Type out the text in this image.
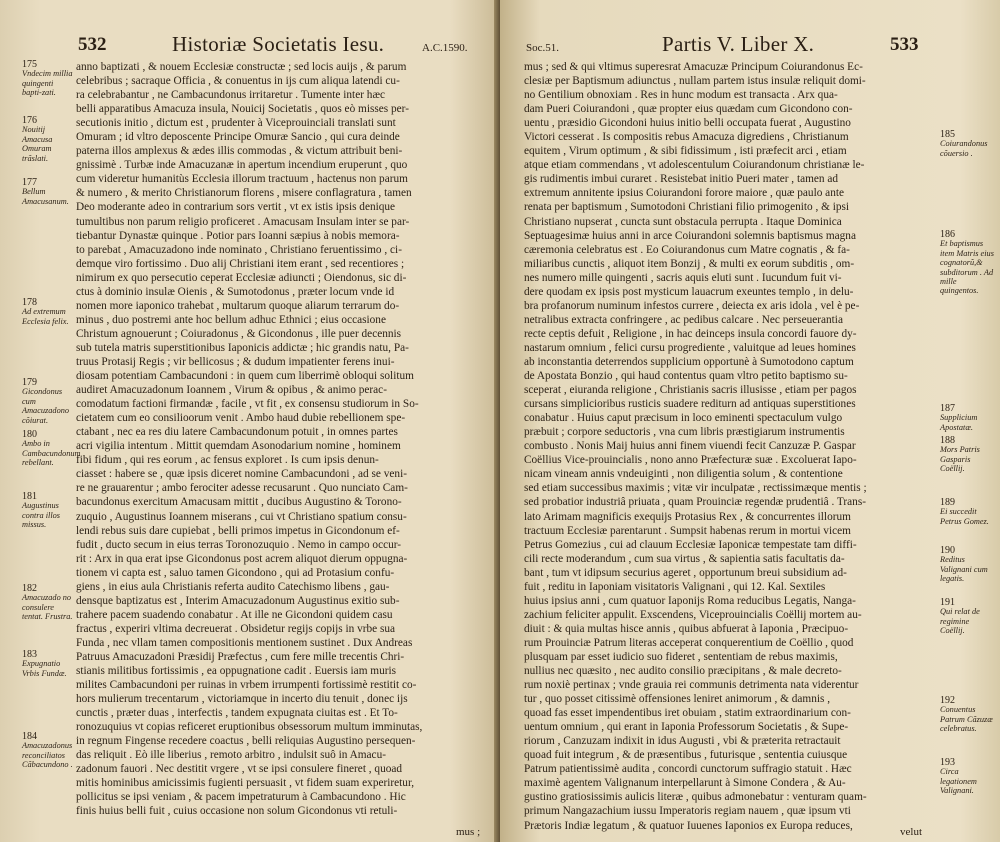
532	Historiæ Societatis Iesu.	A.C.1590.
175
Vndecim millia quingenti bapti-zati.
176
Nouitij Amacusa Omuram trãslati.
177
Bellum Amacusanum.
178
Ad extremum Ecclesia felix.
179
Gicondonus cum Amacuzadono cõiurat.
180
Ambo in Cambacundonum rebellant.
181
Augustinus contra illos missus.
182
Amacuzado no consulere tentat. Frustra.
183
Expugnatio Vrbis Fundæ.
184
Amacuzadonus reconciliatos Cãbacundono .
anno baptizati , & nouem Ecclesiæ constructæ ; sed locis auijs , & parum
celebribus ; sacraque Officia , & conuentus in ijs cum aliqua latendi cu-
ra celebrabantur , ne Cambacundonus irritaretur . Tumente inter hæc
belli apparatibus Amacuza insula, Nouicij Societatis , quos eò misses per-
secutionis initio , dictum est , prudenter à Viceprouinciali translati sunt
Omuram ; id vltro deposcente Principe Omuræ Sancio , qui cura deinde
paterna illos amplexus & ædes illis commodas , & victum attribuit beni-
gnissimè . Turbæ inde Amacuzanæ in apertum incendium eruperunt , quo
cum videretur humanitùs Ecclesia illorum tractuum , hactenus non parum
& numero , & merito Christianorum florens , misere conflagratura , tamen
Deo moderante adeo in contrarium sors vertit , vt ex istis ipsis denique
tumultibus non parum religio proficeret . Amacusam Insulam inter se par-
tiebantur Dynastæ quinque . Potior pars Ioanni sæpius à nobis memora-
to parebat , Amacuzadono inde nominato , Christiano feruentissimo , ci-
demque viro fortissimo . Duo alij Christiani item erant , sed recentiores ;
nimirum ex quo persecutio ceperat Ecclesiæ adiuncti ; Oiendonus, sic di-
ctus à dominio insulæ Oienis , & Sumotodonus , præter locum vnde id
nomen more iaponico trahebat , multarum quoque aliarum terrarum do-
minus , duo postremi ante hoc bellum adhuc Ethnici ; eius occasione
Christum agnouerunt ; Coiuradonus , & Gicondonus , ille puer decennis
sub tutela matris superstitionibus Iaponicis addictæ ; hic grandis natu, Pa-
truus Protasij Regis ; vir bellicosus ; & dudum impatienter ferens inui-
diosam potentiam Cambacundoni : in quem cum liberrimè obloqui solitum
audiret Amacuzadonum Ioannem , Virum & opibus , & animo perac-
comodatum factioni firmandæ , facile , vt fit , ex consensu studiorum in So-
cietatem cum eo consilioorum venit . Ambo haud dubie rebellionem spe-
ctabant , nec ea res diu latere Cambacundonum potuit , in omnes partes
acri vigilia intentum . Mittit quemdam Asonodarium nomine , hominem
fibi fidum , qui res eorum , ac fensus exploret . Is cum ipsis denun-
ciasset : habere se , quæ ipsis diceret nomine Cambacundoni , ad se veni-
re ne grauarentur ; ambo ferociter adesse recusarunt . Quo nunciato Cam-
bacundonus exercitum Amacusam mittit , ducibus Augustino & Torono-
zuquio , Augustinus Ioannem miserans , cui vt Christiano spatium consu-
lendi rebus suis dare cupiebat , belli primos impetus in Gicondonum ef-
fudit , ducto secum in eius terras Toronozuquio . Nemo in campo occur-
rit : Arx in qua erat ipse Gicondonus post acrem aliquot dierum oppugna-
tionem vi capta est , saluo tamen Gicondono , qui ad Protasium confu-
giens , in eius aula Christianis referta audito Catechismo libens , gau-
densque baptizatus est , Interim Amacuzadonum Augustinus exitio sub-
trahere pacem suadendo conabatur . At ille ne Gicondoni quidem casu
fractus , experiri vltima decreuerat . Obsidetur regijs copijs in vrbe sua
Funda , nec vllam tamen compositionis mentionem sustinet . Dux Andreas
Patruus Amacuzadoni Præsidij Præfectus , cum fere mille trecentis Chri-
stianis militibus fortissimis , ea oppugnatione cadit . Euersis iam muris
milites Cambacundoni per ruinas in vrbem irrumpenti fortissimè restitit co-
hors mulierum trecentarum , victoriamque in incerto diu tenuit , donec ijs
cunctis , præter duas , interfectis , tandem expugnata ciuitas est . Et To-
ronozuquius vt copias reficeret eruptionibus obsessorum multum imminutas,
in regnum Fingense recedere coactus , belli reliquias Augustino persequen-
das reliquit . Eò ille liberius , remoto arbitro , indulsit suô in Amacu-
zadonum fauori . Nec destitit vrgere , vt se ipsi consulere fineret , quoad
mitis hominibus amicissimis fugienti persuasit , vt fidem suam experiretur,
pollicitus se ipsi veniam , & pacem impetraturum à Cambacundono . Hic
finis huius belli fuit , cuius occasione non solum Gicondonus vti retuli-
mus ;
Soc.51.	Partis V. Liber X.	533
mus ; sed & qui vltimus superesrat Amacuzæ Principum Coiurandonus Ec-
clesiæ per Baptismum adiunctus , nullam partem istus insulæ reliquit domi-
no Gentilium obnoxiam . Res in hunc modum est transacta . Arx qua-
dam Pueri Coiurandoni , quæ propter eius quædam cum Gicondono con-
uentu , præsidio Gicondoni huius initio belli occupata fuerat , Augustino
Victori cesserat . Is compositis rebus Amacuza digrediens , Christianum
equitem , Virum optimum , & sibi fidissimum , isti præfecit arci , etiam
atque etiam commendans , vt adolescentulum Coiurandonum christianæ le-
gis rudimentis imbui curaret . Resistebat initio Pueri mater , tamen ad
extremum annitente ipsius Coiurandoni forore maiore , quæ paulo ante
renata per baptismum , Sumotodoni Christiani filio primogenito , & ipsi
Christiano nupserat , cuncta sunt obstacula perrupta . Itaque Dominica
Septuagesimæ huius anni in arce Coiurandoni solemnis baptismus magna
cæremonia celebratus est . Eo Coiurandonus cum Matre cognatis , & fa-
miliaribus cunctis , aliquot item Bonzij , & multi ex eorum subditis , om-
nes numero mille quingenti , sacris aquis eluti sunt . Iucundum fuit vi-
dere quodam ex ipsis post mysticum lauacrum exeuntes templo , in delu-
bra profanorum numinum infestos currere , deiecta ex aris idola , vel è pe-
netralibus extracta confringere , ac pedibus calcare . Nec perseuerantia
recte ceptis defuit , Religione , in hac deinceps insula concordi fauore dy-
nastarum omnium , felici cursu progrediente , valuitque ad leues homines
ab inconstantia deterrendos supplicium opportunè à Sumotodono captum
de Apostata Bonzio , qui haud contentus quam vltro petito baptismo su-
sceperat , eiuranda religione , Christianis sacris illusisse , etiam per pagos
cursans simplicioribus rusticis suadere rediturn ad antiquas superstitiones
conabatur . Huius caput præcisum in loco eminenti spectaculum vulgo
præbuit ; corpore seductoris , vna cum libris præstigiarum instrumentis
combusto . Nonis Maij huius anni finem viuendi fecit Canzuzæ P. Gaspar
Coëllius Vice-prouincialis , nono anno Præfecturæ suæ . Excoluerat Iapo-
nicam vineam annis vndeuiginti , non diligentia solum , & contentione
sed etiam successibus maximis ; vitæ vir inculpatæ , rectissimæque mentis ;
sed probatior industriâ priuata , quam Prouinciæ regendæ prudentiâ . Trans-
lato Arimam magnificis exequijs Protasius Rex , & concurrentes illorum
tractuum Ecclesiæ parentarunt . Sumpsit habenas rerum in mortui vicem
Petrus Gomezius , cui ad clauum Ecclesiæ Iaponicæ tempestate tam diffi-
cili recte moderandum , cum sua virtus , & sapientia satis facultatis da-
bant , tum vt idipsum securius ageret , opportunum breui subsidium ad-
fuit , reditu in Iaponiam visitatoris Valignani , qui 12. Kal. Sextiles
huius ipsius anni , cum quatuor Iaponijs Roma reducibus Legatis, Nanga-
zachium feliciter appulit. Exscendens, Viceprouincialis Coëllij mortem au-
diuit : & quia multas hisce annis , quibus abfuerat à Iaponia , Præcipuo-
rum Prouinciæ Patrum literas acceperat conquerentium de Coëllio , quod
plusquam par esset iudicio suo fideret , sententiam de rebus maximis,
nullius nec quæsito , nec audito consilio præcipitans , & male decreto-
rum noxiè pertinax ; vnde grauia rei communis detrimenta nata viderentur
tur , quo posset citissimè offensiones leniret animorum , & damnis ,
quoad fas esset impendentibus iret obuiam , statim extraordinarium con-
uentum omnium , qui erant in Iaponia Professorum Societatis , & Supe-
riorum , Canzuzam indixit in idus Augusti , vbi & præterita retractauit
quoad fuit integrum , & de præsentibus , futurisque , sententia cuiusque
Patrum patientissimè audita , concordi cunctorum suffragio statuit . Hæc
maximè agentem Valignanum interpellarunt à Simone Condera , & Au-
gustino gratiosissimis aulicis literæ , quibus admonebatur : venturam quam-
primum Nangazachium iussu Imperatoris regiam nauem , quæ ipsum vti
Prætoris Indiæ legatum , & quatuor Iuuenes Iaponios ex Europa reduces,
185
Coiurandonus cõuersio .
186
Et baptismus item Matris eius cognatorũ,& subditorum . Ad mille quingentos.
187
Supplicium Apostatæ.
188
Mors Patris Gasparis Coëllij.
189
Ei succedit Petrus Gomez.
190
Reditus Valignani cum legatis.
191
Qui relat de regimine Coëllij.
192
Conuentus Patrum Cãzuzæ celebratus.
193
Circa legationem Valignani.
velut
